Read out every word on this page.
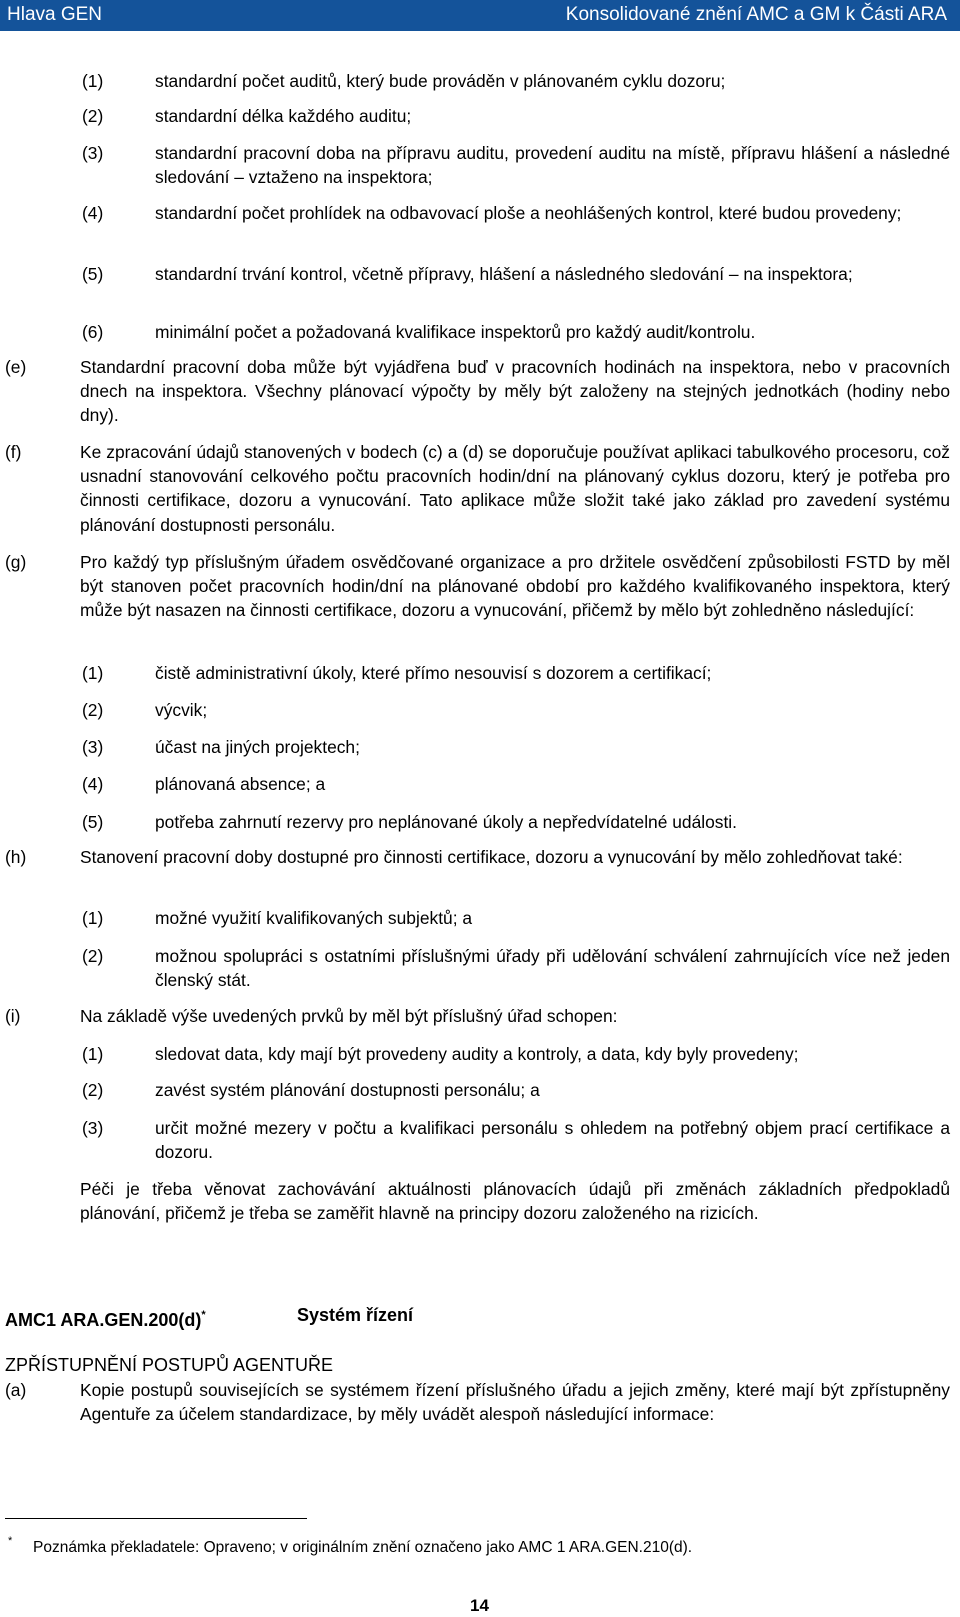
Hlava GEN	Konsolidované znění AMC a GM k Části ARA
(1)	standardní počet auditů, který bude prováděn v plánovaném cyklu dozoru;
(2)	standardní délka každého auditu;
(3)	standardní pracovní doba na přípravu auditu, provedení auditu na místě, přípravu hlášení a následné sledování – vztaženo na inspektora;
(4)	standardní počet prohlídek na odbavovací ploše a neohlášených kontrol, které budou provedeny;
(5)	standardní trvání kontrol, včetně přípravy, hlášení a následného sledování – na inspektora;
(6)	minimální počet a požadovaná kvalifikace inspektorů pro každý audit/kontrolu.
(e)	Standardní pracovní doba může být vyjádřena buď v pracovních hodinách na inspektora, nebo v pracovních dnech na inspektora. Všechny plánovací výpočty by měly být založeny na stejných jednotkách (hodiny nebo dny).
(f)	Ke zpracování údajů stanovených v bodech (c) a (d) se doporučuje používat aplikaci tabulkového procesoru, což usnadní stanovování celkového počtu pracovních hodin/dní na plánovaný cyklus dozoru, který je potřeba pro činnosti certifikace, dozoru a vynucování. Tato aplikace může složit také jako základ pro zavedení systému plánování dostupnosti personálu.
(g)	Pro každý typ příslušným úřadem osvědčované organizace a pro držitele osvědčení způsobilosti FSTD by měl být stanoven počet pracovních hodin/dní na plánované období pro každého kvalifikovaného inspektora, který může být nasazen na činnosti certifikace, dozoru a vynucování, přičemž by mělo být zohledněno následující:
(1)	čistě administrativní úkoly, které přímo nesouvisí s dozorem a certifikací;
(2)	výcvik;
(3)	účast na jiných projektech;
(4)	plánovaná absence; a
(5)	potřeba zahrnutí rezervy pro neplánované úkoly a nepředvídatelné události.
(h)	Stanovení pracovní doby dostupné pro činnosti certifikace, dozoru a vynucování by mělo zohledňovat také:
(1)	možné využití kvalifikovaných subjektů; a
(2)	možnou spolupráci s ostatními příslušnými úřady při udělování schválení zahrnujících více než jeden členský stát.
(i)	Na základě výše uvedených prvků by měl být příslušný úřad schopen:
(1)	sledovat data, kdy mají být provedeny audity a kontroly, a data, kdy byly provedeny;
(2)	zavést systém plánování dostupnosti personálu; a
(3)	určit možné mezery v počtu a kvalifikaci personálu s ohledem na potřebný objem prací certifikace a dozoru.
Péči je třeba věnovat zachovávání aktuálnosti plánovacích údajů při změnách základních předpokladů plánování, přičemž je třeba se zaměřit hlavně na principy dozoru založeného na rizicích.
AMC1 ARA.GEN.200(d)*	Systém řízení
ZPŘÍSTUPNĚNÍ POSTUPŮ AGENTUŘE
(a)	Kopie postupů souvisejících se systémem řízení příslušného úřadu a jejich změny, které mají být zpřístupněny Agentuře za účelem standardizace, by měly uvádět alespoň následující informace:
* Poznámka překladatele: Opraveno; v originálním znění označeno jako AMC 1 ARA.GEN.210(d).
14
